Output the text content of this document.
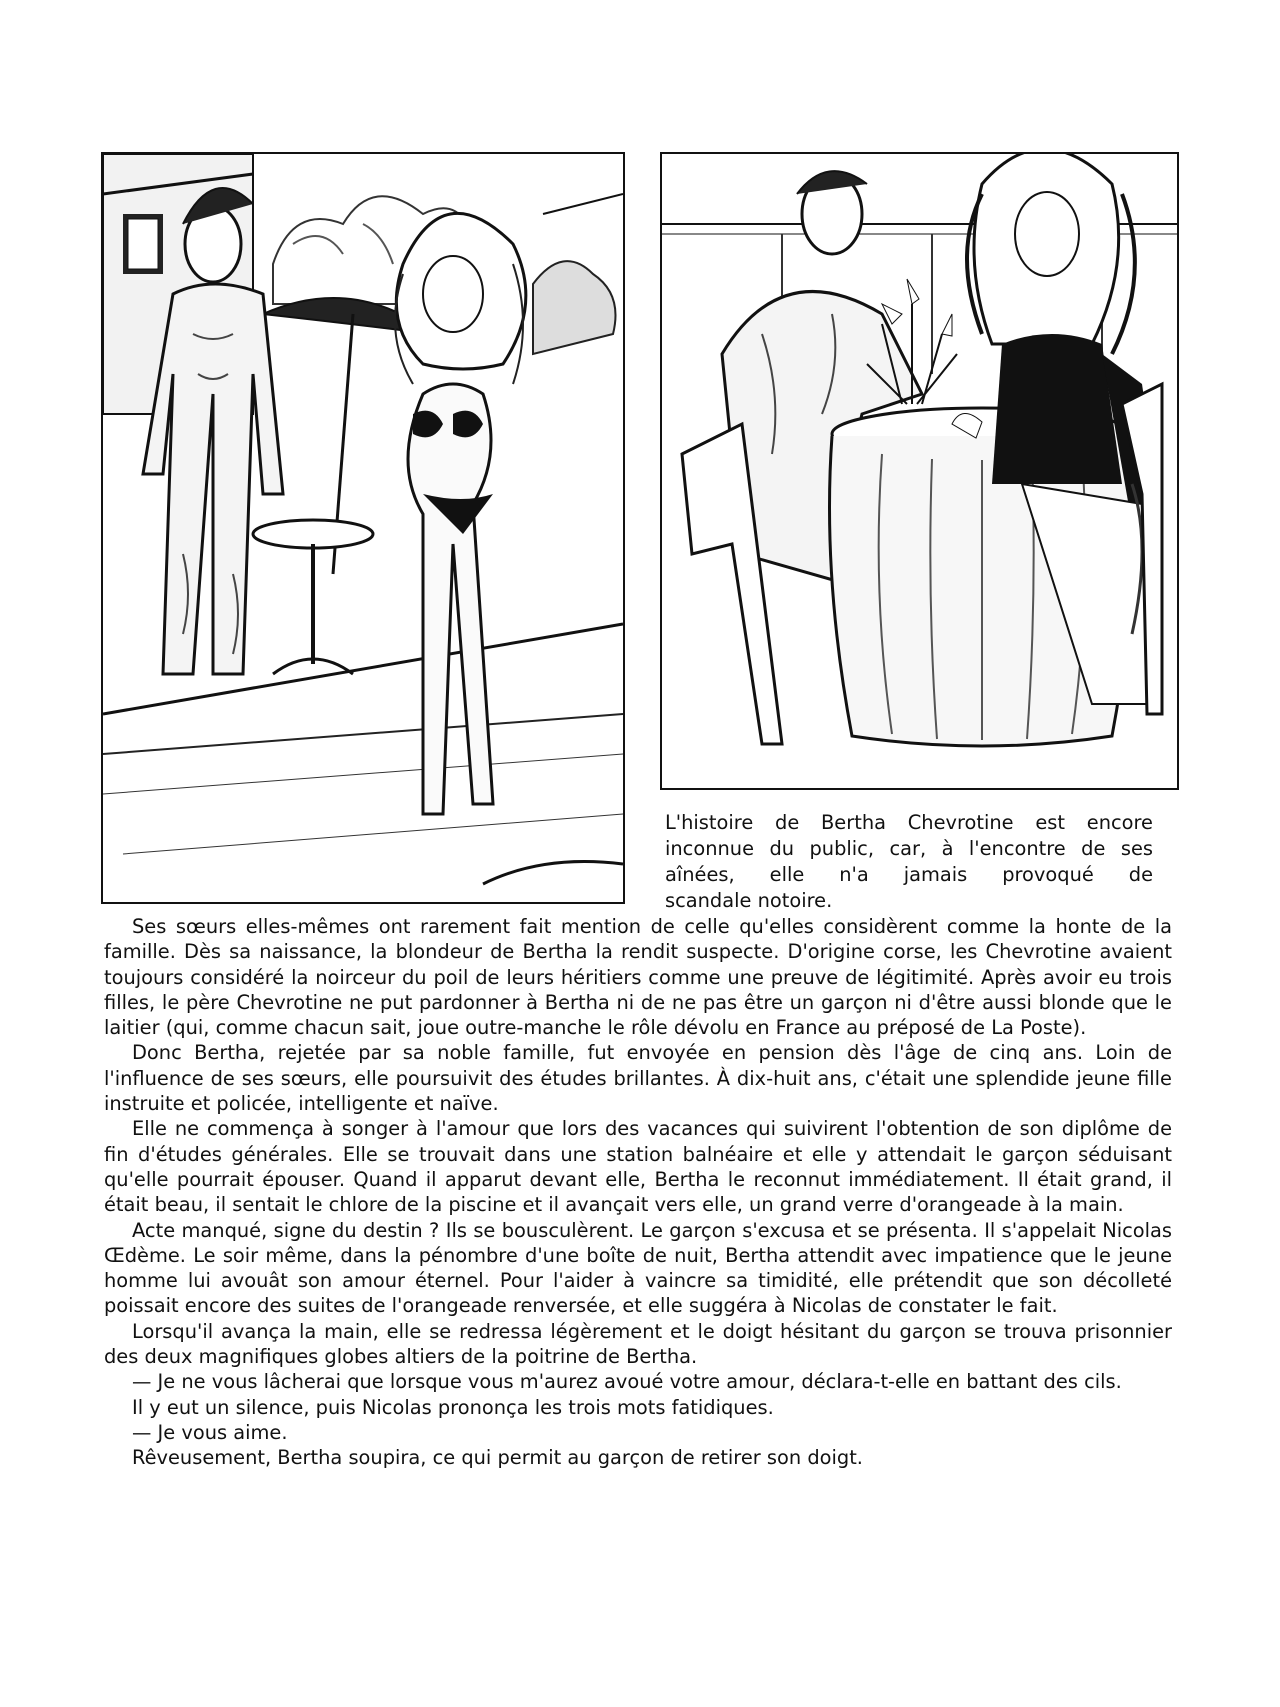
L'histoire de Bertha Chevrotine est encore inconnue du public, car, à l'encontre de ses aînées, elle n'a jamais provoqué de
scandale notoire.

Ses sœurs elles-mêmes ont rarement fait mention de celle qu'elles considèrent comme la honte de la famille. Dès sa naissance, la blondeur de Bertha la rendit suspecte. D'origine corse, les Chevrotine avaient toujours considéré la noirceur du poil de leurs héritiers comme une preuve de légitimité. Après avoir eu trois filles, le père Chevrotine ne put pardonner à Bertha ni de ne pas être un garçon ni d'être aussi blonde que le laitier (qui, comme chacun sait, joue outre-manche le rôle dévolu en France au préposé de La Poste).

Donc Bertha, rejetée par sa noble famille, fut envoyée en pension dès l'âge de cinq ans. Loin de l'influence de ses sœurs, elle poursuivit des études brillantes. À dix-huit ans, c'était une splendide jeune fille instruite et policée, intelligente et naïve.

Elle ne commença à songer à l'amour que lors des vacances qui suivirent l'obtention de son diplôme de fin d'études générales. Elle se trouvait dans une station balnéaire et elle y attendait le garçon séduisant qu'elle pourrait épouser. Quand il apparut devant elle, Bertha le reconnut immédiatement. Il était grand, il était beau, il sentait le chlore de la piscine et il avançait vers elle, un grand verre d'orangeade à la main.

Acte manqué, signe du destin ? Ils se bousculèrent. Le garçon s'excusa et se présenta. Il s'appelait Nicolas Œdème. Le soir même, dans la pénombre d'une boîte de nuit, Bertha attendit avec impatience que le jeune homme lui avouât son amour éternel. Pour l'aider à vaincre sa timidité, elle prétendit que son décolleté poissait encore des suites de l'orangeade renversée, et elle suggéra à Nicolas de constater le fait.

Lorsqu'il avança la main, elle se redressa légèrement et le doigt hésitant du garçon se trouva prisonnier des deux magnifiques globes altiers de la poitrine de Bertha.

— Je ne vous lâcherai que lorsque vous m'aurez avoué votre amour, déclara-t-elle en battant des cils.

Il y eut un silence, puis Nicolas prononça les trois mots fatidiques.

— Je vous aime.

Rêveusement, Bertha soupira, ce qui permit au garçon de retirer son doigt.
